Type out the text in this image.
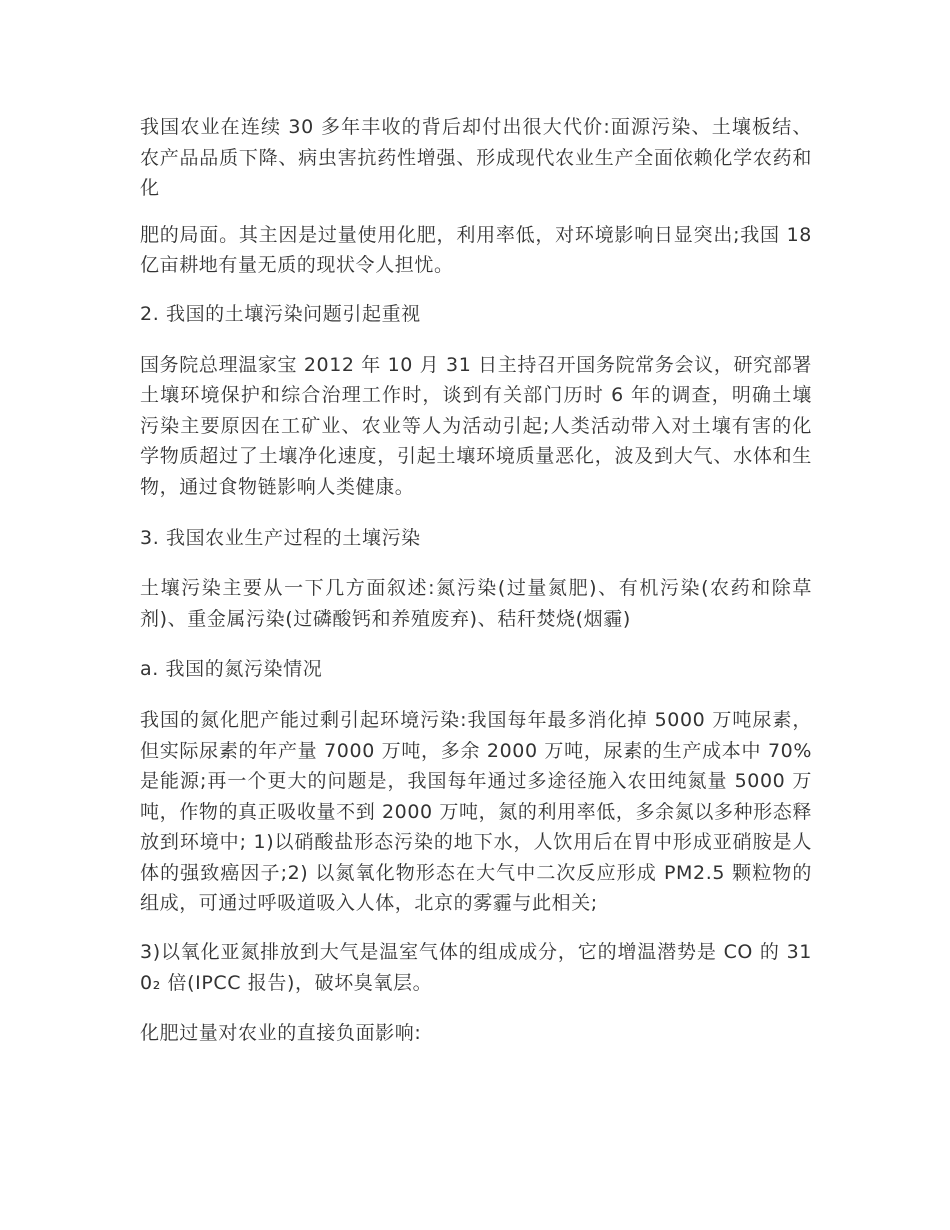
我国农业在连续 30 多年丰收的背后却付出很大代价:面源污染、土壤板结、农产品品质下降、病虫害抗药性增强、形成现代农业生产全面依赖化学农药和化

肥的局面。其主因是过量使用化肥，利用率低，对环境影响日显突出;我国 18 亿亩耕地有量无质的现状令人担忧。

2. 我国的土壤污染问题引起重视

国务院总理温家宝 2012 年 10 月 31 日主持召开国务院常务会议，研究部署土壤环境保护和综合治理工作时，谈到有关部门历时 6 年的调查，明确土壤污染主要原因在工矿业、农业等人为活动引起;人类活动带入对土壤有害的化学物质超过了土壤净化速度，引起土壤环境质量恶化，波及到大气、水体和生物，通过食物链影响人类健康。

3. 我国农业生产过程的土壤污染

土壤污染主要从一下几方面叙述:氮污染(过量氮肥)、有机污染(农药和除草剂)、重金属污染(过磷酸钙和养殖废弃)、秸秆焚烧(烟霾)

a. 我国的氮污染情况

我国的氮化肥产能过剩引起环境污染:我国每年最多消化掉 5000 万吨尿素，但实际尿素的年产量 7000 万吨，多余 2000 万吨，尿素的生产成本中 70%是能源;再一个更大的问题是，我国每年通过多途径施入农田纯氮量 5000 万吨，作物的真正吸收量不到 2000 万吨，氮的利用率低，多余氮以多种形态释放到环境中; 1)以硝酸盐形态污染的地下水，人饮用后在胃中形成亚硝胺是人体的强致癌因子;2) 以氮氧化物形态在大气中二次反应形成 PM2.5 颗粒物的组成，可通过呼吸道吸入人体，北京的雾霾与此相关;

3)以氧化亚氮排放到大气是温室气体的组成成分，它的增温潜势是 CO 的 310₂ 倍(IPCC 报告)，破坏臭氧层。

化肥过量对农业的直接负面影响:
